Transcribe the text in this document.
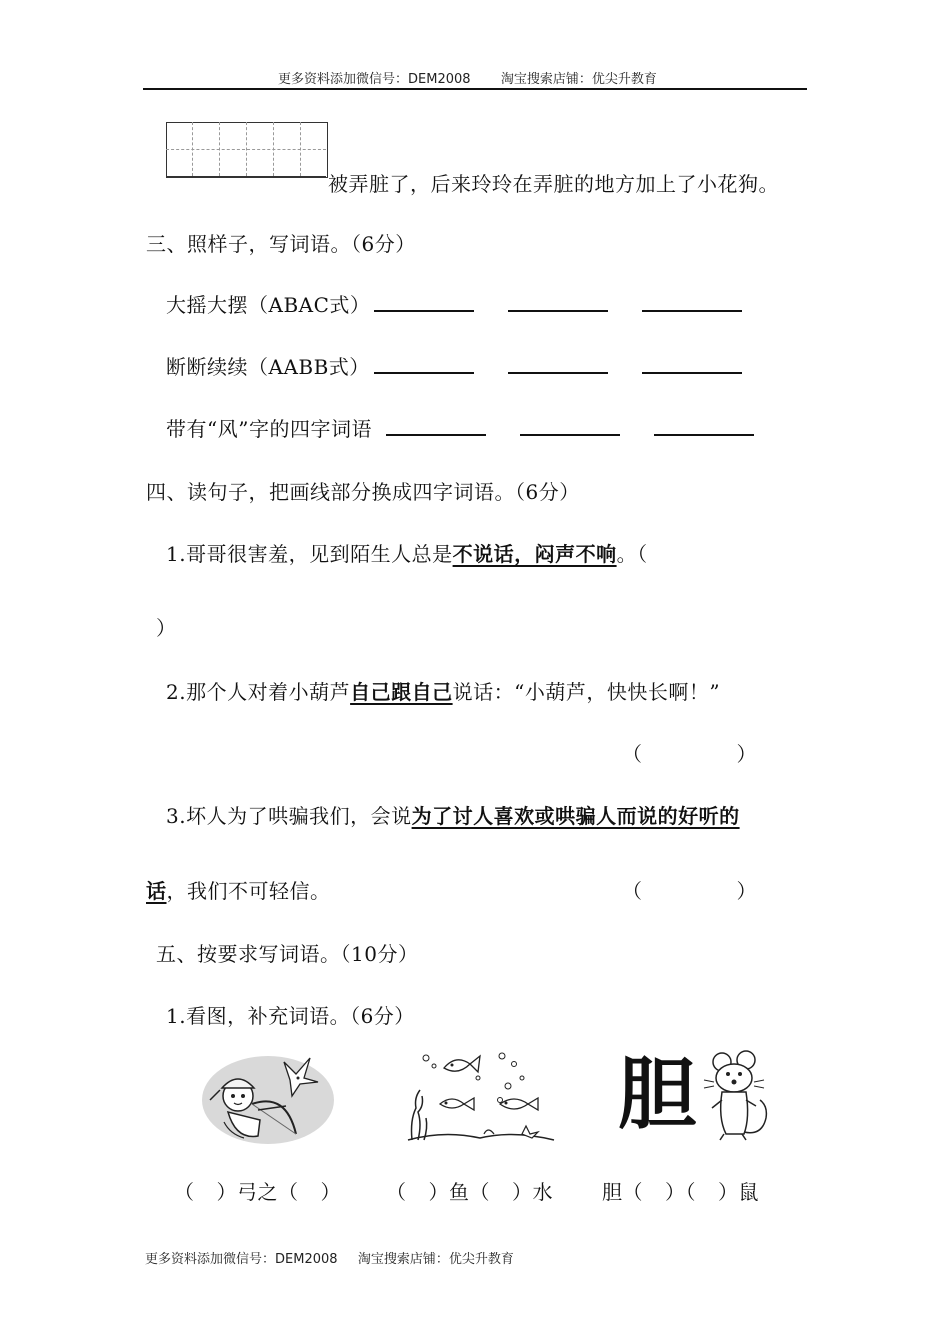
更多资料添加微信号：DEM2008 淘宝搜索店铺：优尖升教育
被弄脏了，后来玲玲在弄脏的地方加上了小花狗。
三、照样子，写词语。（6分）
大摇大摆（ABAC式）
断断续续（AABB式）
带有“风”字的四字词语
四、读句子，把画线部分换成四字词语。（6分）
1.哥哥很害羞，见到陌生人总是不说话，闷声不响。（
）
2.那个人对着小葫芦自己跟自己说话：“小葫芦，快快长啊！”
（	）
3.坏人为了哄骗我们，会说为了讨人喜欢或哄骗人而说的好听的
话，我们不可轻信。	（	）
五、按要求写词语。（10分）
1.看图，补充词语。（6分）
胆
（ ）弓之（ ） （ ）鱼（ ）水 胆（ ）（ ）鼠
更多资料添加微信号：DEM2008 淘宝搜索店铺：优尖升教育
